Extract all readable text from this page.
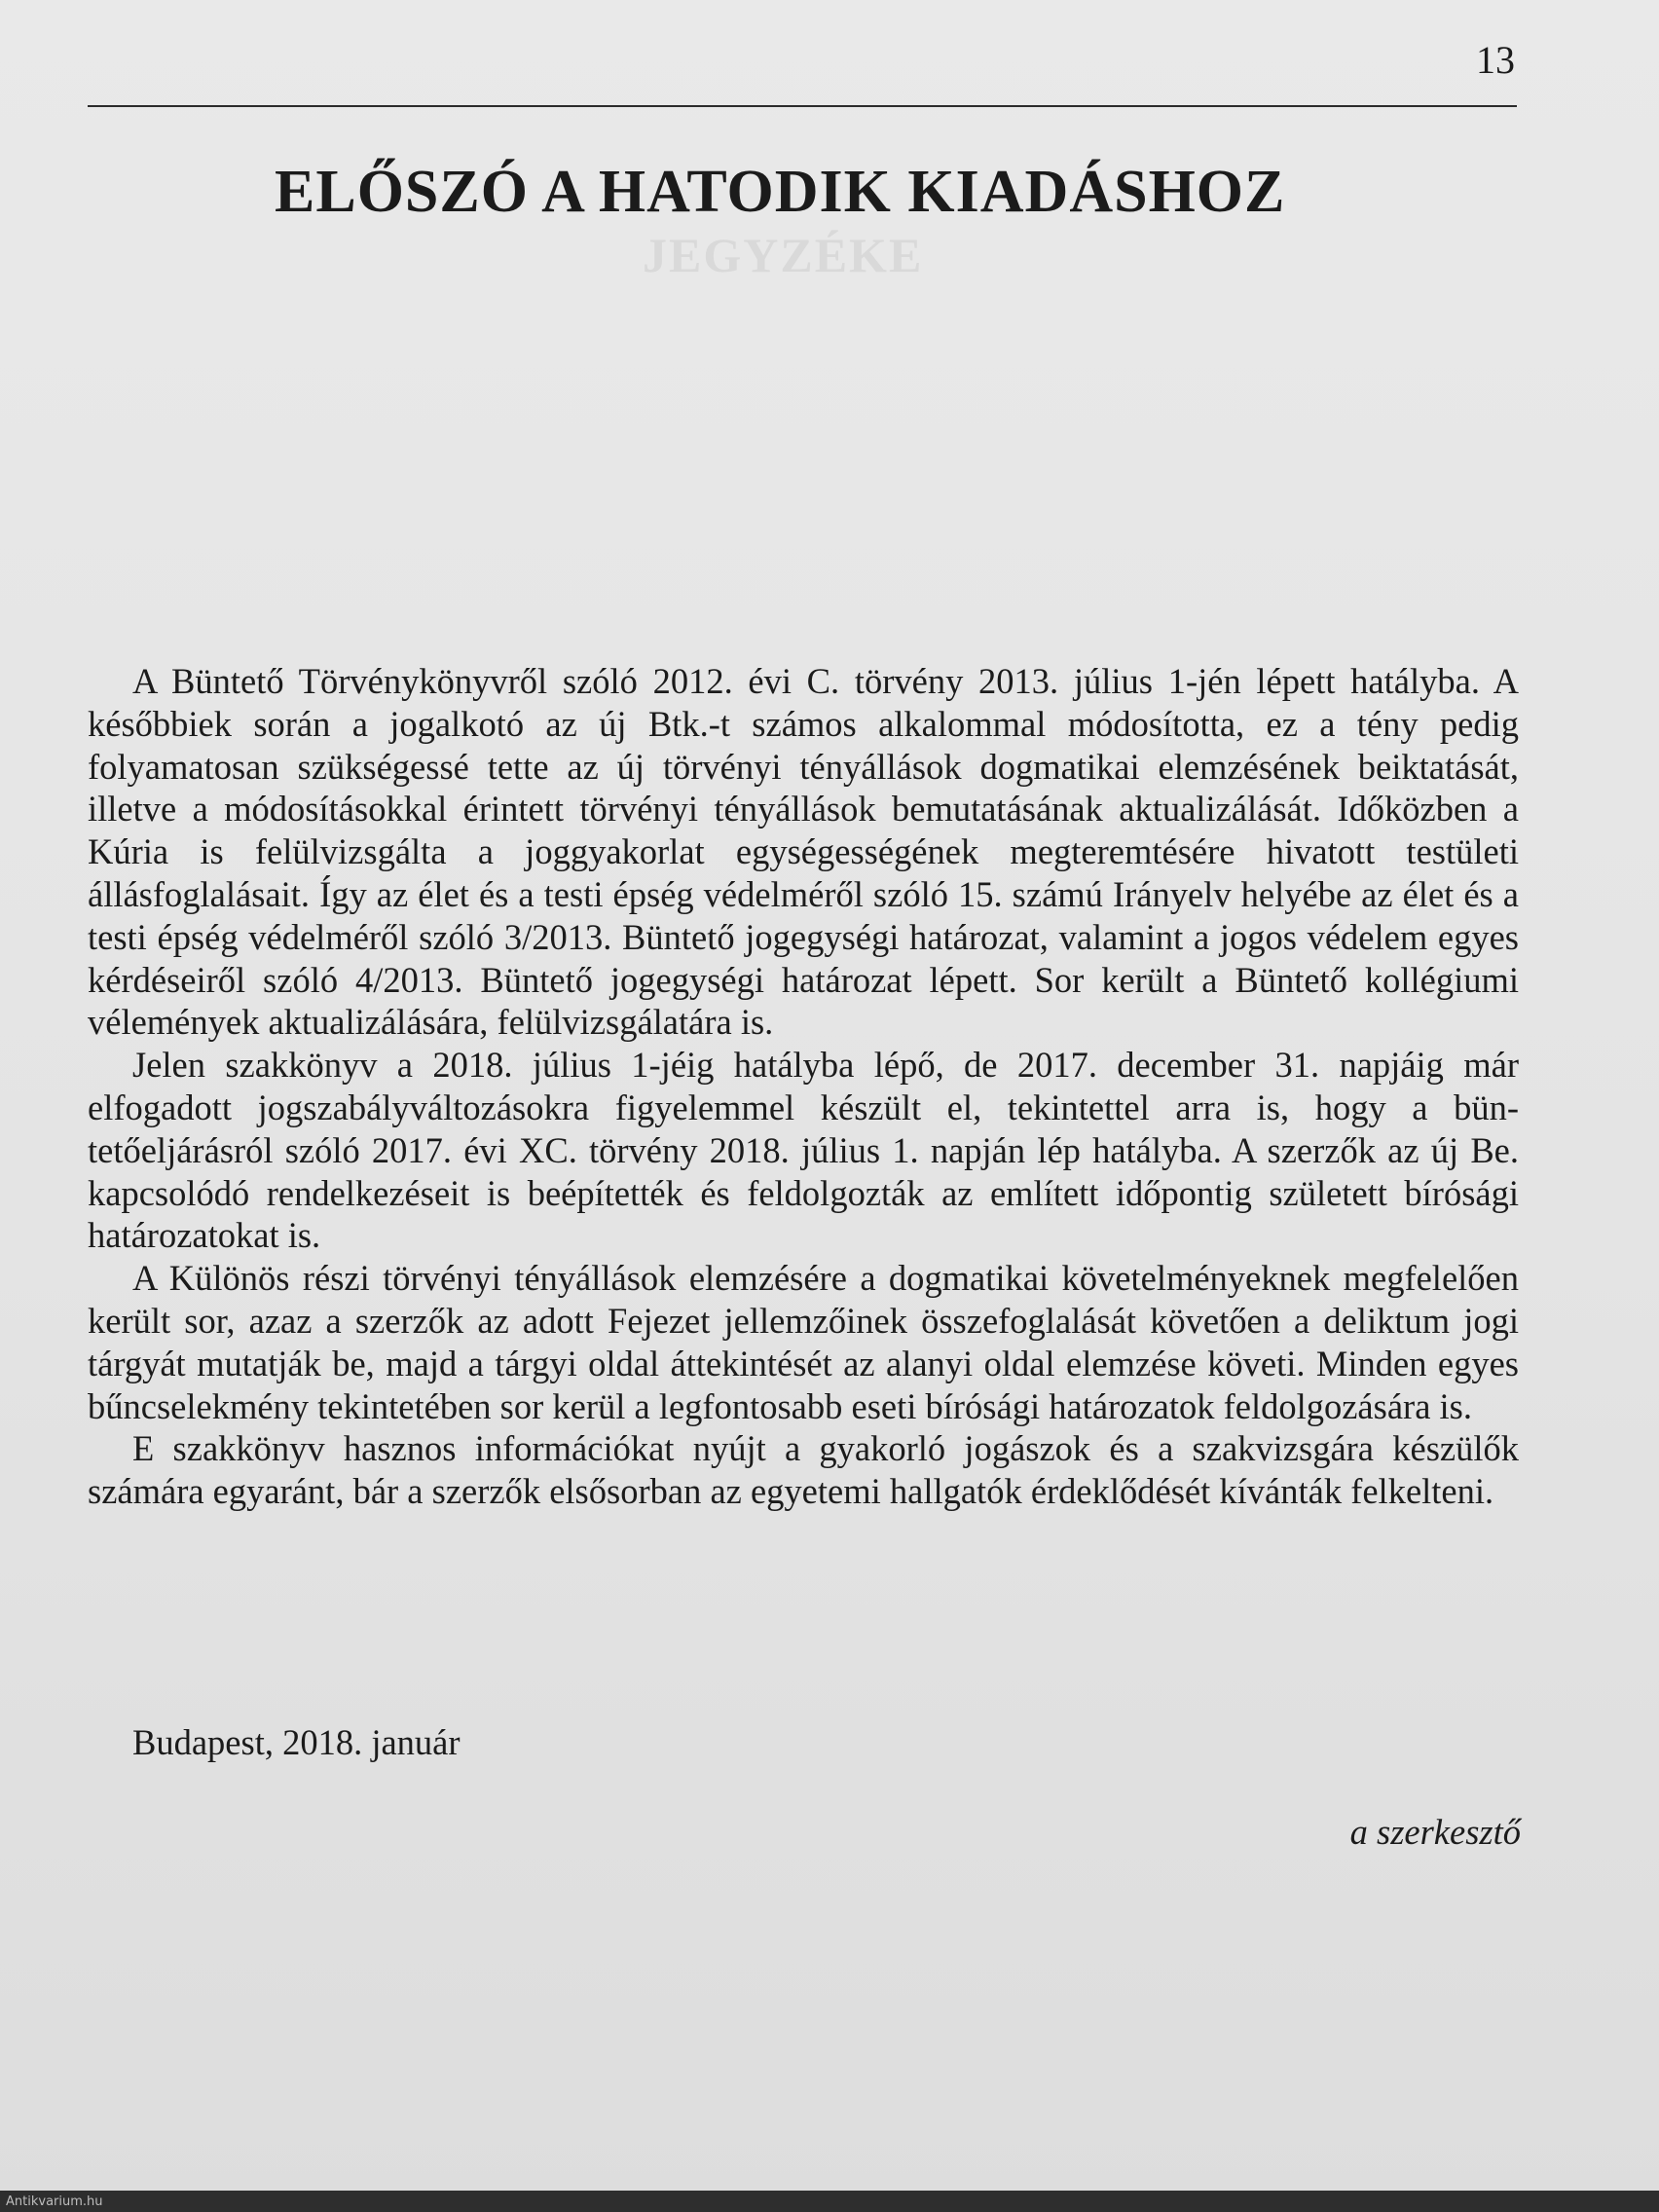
13
JEGYZÉKE
ELŐSZÓ A HATODIK KIADÁSHOZ

A Büntető Törvénykönyvről szóló 2012. évi C. törvény 2013. július 1-jén lépett hatályba. A későbbiek során a jogalkotó az új Btk.-t számos alkalommal módosította, ez a tény pedig folyamatosan szükségessé tette az új törvényi tényállások dogmatikai elemzésének beiktatását, illetve a módosításokkal érintett törvényi tényállások bemutatásának aktualizálását. Időközben a Kúria is felülvizsgálta a joggyakorlat egységességének megteremtésére hivatott testületi állásfoglalásait. Így az élet és a testi épség védelméről szóló 15. számú Irányelv helyébe az élet és a testi épség védelméről szóló 3/2013. Büntető jogegységi határozat, valamint a jogos védelem egyes kérdéseiről szóló 4/2013. Büntető jogegységi határozat lépett. Sor került a Büntető kollégiumi vélemények aktualizálására, felülvizsgálatára is.

Jelen szakkönyv a 2018. július 1-jéig hatályba lépő, de 2017. december 31. napjáig már elfogadott jogszabályváltozásokra figyelemmel készült el, tekintettel arra is, hogy a büntetőeljárásról szóló 2017. évi XC. törvény 2018. július 1. napján lép hatályba. A szerzők az új Be. kapcsolódó rendelkezéseit is beépítették és feldolgozták az említett időpontig született bírósági határozatokat is.

A Különös részi törvényi tényállások elemzésére a dogmatikai követelményeknek megfelelően került sor, azaz a szerzők az adott Fejezet jellemzőinek összefoglalását követően a deliktum jogi tárgyát mutatják be, majd a tárgyi oldal áttekintését az alanyi oldal elemzése követi. Minden egyes bűncselekmény tekintetében sor kerül a legfontosabb eseti bírósági határozatok feldolgozására is.

E szakkönyv hasznos információkat nyújt a gyakorló jogászok és a szakvizsgára készülők számára egyaránt, bár a szerzők elsősorban az egyetemi hallgatók érdeklődését kívánták felkelteni.

Budapest, 2018. január
a szerkesztő
Antikvarium.hu
